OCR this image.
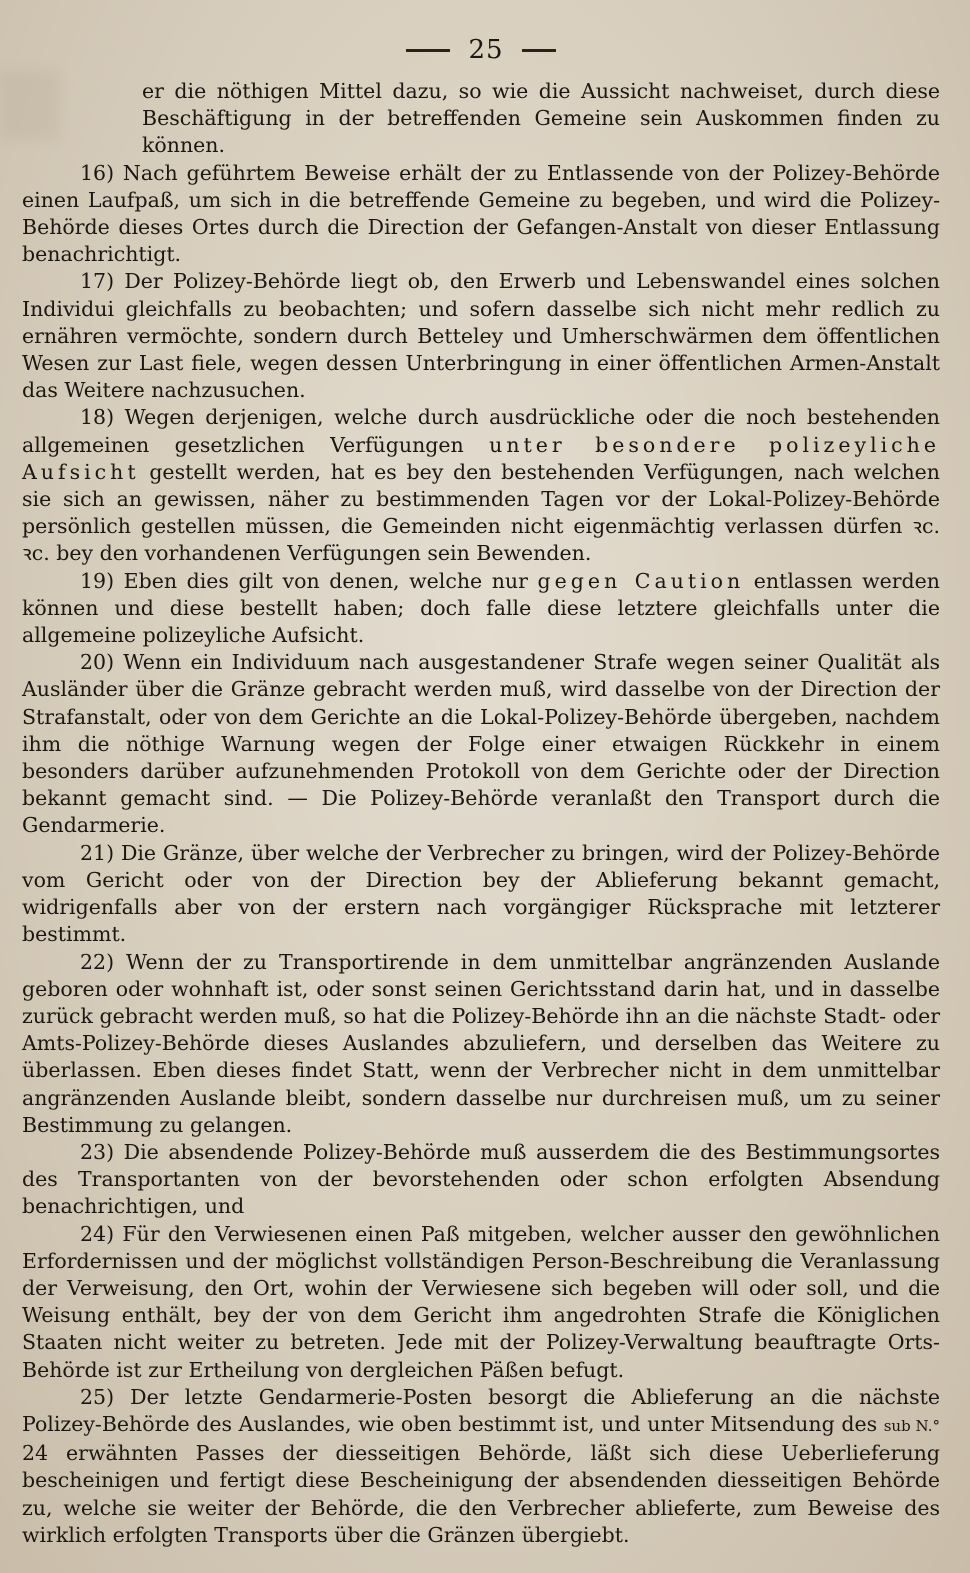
25

er die nöthigen Mittel dazu, so wie die Aussicht nachweiset, durch diese Beschäftigung in der betreffenden Gemeine sein Auskommen finden zu können.

16) Nach geführtem Beweise erhält der zu Entlassende von der Polizey-Behörde einen Laufpaß, um sich in die betreffende Gemeine zu begeben, und wird die Polizey-Behörde dieses Ortes durch die Direction der Gefangen-Anstalt von dieser Entlassung benachrichtigt.

17) Der Polizey-Behörde liegt ob, den Erwerb und Lebenswandel eines solchen Individui gleichfalls zu beobachten; und sofern dasselbe sich nicht mehr redlich zu ernähren vermöchte, sondern durch Betteley und Umherschwärmen dem öffentlichen Wesen zur Last fiele, wegen dessen Unterbringung in einer öffentlichen Armen-Anstalt das Weitere nachzusuchen.

18) Wegen derjenigen, welche durch ausdrückliche oder die noch bestehenden allgemeinen gesetzlichen Verfügungen unter besondere polizeyliche Aufsicht gestellt werden, hat es bey den bestehenden Verfügungen, nach welchen sie sich an gewissen, näher zu bestimmenden Tagen vor der Lokal-Polizey-Behörde persönlich gestellen müssen, die Gemeinden nicht eigenmächtig verlassen dürfen ꝛc. ꝛc. bey den vorhandenen Verfügungen sein Bewenden.

19) Eben dies gilt von denen, welche nur gegen Caution entlassen werden können und diese bestellt haben; doch falle diese letztere gleichfalls unter die allgemeine polizeyliche Aufsicht.

20) Wenn ein Individuum nach ausgestandener Strafe wegen seiner Qualität als Ausländer über die Gränze gebracht werden muß, wird dasselbe von der Direction der Strafanstalt, oder von dem Gerichte an die Lokal-Polizey-Behörde übergeben, nachdem ihm die nöthige Warnung wegen der Folge einer etwaigen Rückkehr in einem besonders darüber aufzunehmenden Protokoll von dem Gerichte oder der Direction bekannt gemacht sind. — Die Polizey-Behörde veranlaßt den Transport durch die Gendarmerie.

21) Die Gränze, über welche der Verbrecher zu bringen, wird der Polizey-Behörde vom Gericht oder von der Direction bey der Ablieferung bekannt gemacht, widrigenfalls aber von der erstern nach vorgängiger Rücksprache mit letzterer bestimmt.

22) Wenn der zu Transportirende in dem unmittelbar angränzenden Auslande geboren oder wohnhaft ist, oder sonst seinen Gerichtsstand darin hat, und in dasselbe zurück gebracht werden muß, so hat die Polizey-Behörde ihn an die nächste Stadt- oder Amts-Polizey-Behörde dieses Auslandes abzuliefern, und derselben das Weitere zu überlassen. Eben dieses findet Statt, wenn der Verbrecher nicht in dem unmittelbar angränzenden Auslande bleibt, sondern dasselbe nur durchreisen muß, um zu seiner Bestimmung zu gelangen.

23) Die absendende Polizey-Behörde muß ausserdem die des Bestimmungsortes des Transportanten von der bevorstehenden oder schon erfolgten Absendung benachrichtigen, und

24) Für den Verwiesenen einen Paß mitgeben, welcher ausser den gewöhnlichen Erfordernissen und der möglichst vollständigen Person-Beschreibung die Veranlassung der Verweisung, den Ort, wohin der Verwiesene sich begeben will oder soll, und die Weisung enthält, bey der von dem Gericht ihm angedrohten Strafe die Königlichen Staaten nicht weiter zu betreten. Jede mit der Polizey-Verwaltung beauftragte Orts-Behörde ist zur Ertheilung von dergleichen Päßen befugt.

25) Der letzte Gendarmerie-Posten besorgt die Ablieferung an die nächste Polizey-Behörde des Auslandes, wie oben bestimmt ist, und unter Mitsendung des sub N.° 24 erwähnten Passes der diesseitigen Behörde, läßt sich diese Ueberlieferung bescheinigen und fertigt diese Bescheinigung der absendenden diesseitigen Behörde zu, welche sie weiter der Behörde, die den Verbrecher ablieferte, zum Beweise des wirklich erfolgten Transports über die Gränzen übergiebt.
